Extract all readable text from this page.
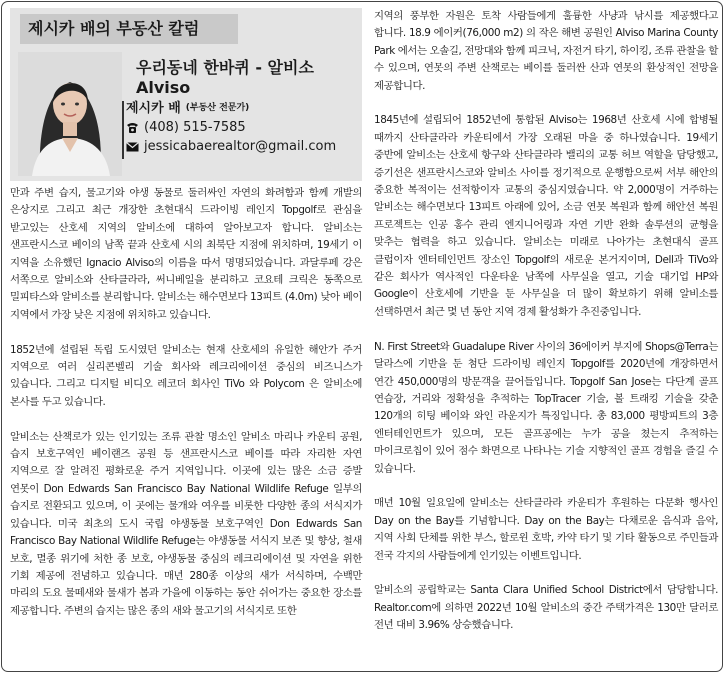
제시카 배의 부동산 칼럼
우리동네 한바퀴 - 알비소 Alviso
제시카 배 (부동산 전문가)
(408) 515-7585
jessicabaerealtor@gmail.com

만과 주변 습지, 물고기와 야생 동물로 둘러싸인 자연의 화려함과 함께 개발의 은상지로 그리고 최근 개장한 초현대식 드라이빙 레인지 Topgolf로 관심을 받고있는 산호세 지역의 알비소에 대하여 알아보고자 합니다. 알비소는 샌프란시스코 베이의 남쪽 끝과 산호세 시의 최북단 지점에 위치하며, 19세기 이 지역을 소유했던 Ignacio Alviso의 이름을 따서 명명되었습니다. 과달루페 강은 서쪽으로 알비소와 산타클라라, 써니베일을 분리하고 코요테 크릭은 동쪽으로 밀피타스와 알비소를 분리합니다. 알비소는 해수면보다 13피트 (4.0m) 낮아 베이 지역에서 가장 낮은 지점에 위치하고 있습니다.

1852년에 설립된 독립 도시였던 알비소는 현재 산호세의 유일한 해안가 주거 지역으로 여러 실리콘벨리 기술 회사와 레크리에이션 중심의 비즈니스가 있습니다. 그리고 디지털 비디오 레코더 회사인 TiVo 와 Polycom 은 알비소에 본사를 두고 있습니다.

알비소는 산책로가 있는 인기있는 조류 관찰 명소인 알비소 마리나 카운티 공원, 습지 보호구역인 베이랜즈 공원 등 샌프란시스코 베이를 따라 자리한 자연 지역으로 잘 알려진 평화로운 주거 지역입니다. 이곳에 있는 많은 소금 증발 연못이 Don Edwards San Francisco Bay National Wildlife Refuge 일부의 습지로 전환되고 있으며, 이 곳에는 물개와 여우를 비롯한 다양한 종의 서식지가 있습니다. 미국 최초의 도시 국립 야생동물 보호구역인 Don Edwards San Francisco Bay National Wildlife Refuge는 야생동물 서식지 보존 및 향상, 철새 보호, 멸종 위기에 처한 종 보호, 야생동물 중심의 레크리에이션 및 자연을 위한 기회 제공에 전념하고 있습니다. 매년 280종 이상의 새가 서식하며, 수백만 마리의 도요 물떼새와 물새가 봄과 가을에 이동하는 동안 쉬어가는 중요한 장소를 제공합니다. 주변의 습지는 많은 종의 새와 물고기의 서식지로 또한

지역의 풍부한 자원은 토착 사람들에게 훌륭한 사냥과 낚시를 제공했다고 합니다. 18.9 에이커(76,000 m2) 의 작은 해변 공원인 Alviso Marina County Park 에서는 오솔길, 전망대와 함께 피크닉, 자전거 타기, 하이킹, 조류 관찰을 할 수 있으며, 연못의 주변 산책로는 베이를 둘러싼 산과 연못의 환상적인 전망을 제공합니다.

1845년에 설립되어 1852년에 통합된 Alviso는 1968년 산호세 시에 합병될 때까지 산타클라라 카운티에서 가장 오래된 마을 중 하나였습니다. 19세기 중반에 알비소는 산호세 항구와 산타클라라 밸리의 교통 허브 역할을 담당했고, 증기선은 샌프란시스코와 알비소 사이를 정기적으로 운행함으로써 서부 해안의 중요한 복적이는 선적항이자 교통의 중심지였습니다. 약 2,000명이 거주하는 알비소는 해수면보다 13피트 아래에 있어, 소금 연못 복원과 함께 해안선 복원 프로젝트는 인공 홍수 관리 엔지니어링과 자연 기반 완화 솔루션의 균형을 맞추는 협력을 하고 있습니다. 알비소는 미래로 나아가는 초현대식 골프 클럽이자 엔터테인먼트 장소인 Topgolf의 새로운 본거지이며, Dell과 TiVo와 같은 회사가 역사적인 다운타운 남쪽에 사무실을 열고, 기술 대기업 HP와 Google이 산호세에 기반을 둔 사무실을 더 많이 확보하기 위해 알비소를 선택하면서 최근 몇 년 동안 지역 경제 활성화가 추진중입니다.

N. First Street와 Guadalupe River 사이의 36에이커 부지에 Shops@Terra는 달라스에 기반을 둔 첨단 드라이빙 레인지 Topgolf를 2020년에 개장하면서 연간 450,000명의 방문객을 끌어들입니다. Topgolf San Jose는 다단계 골프 연습장, 거리와 정확성을 추적하는 TopTracer 기술, 볼 트래킹 기술을 갖춘 120개의 히팅 베이와 와인 라운지가 특징입니다. 총 83,000 평방피트의 3층 엔터테인먼트가 있으며, 모든 골프공에는 누가 공을 쳤는지 추적하는 마이크로칩이 있어 점수 화면으로 나타나는 기술 지향적인 골프 경험을 즐길 수 있습니다.

매년 10월 일요일에 알비소는 산타클라라 카운티가 후원하는 다문화 행사인 Day on the Bay를 기념합니다. Day on the Bay는 다채로운 음식과 음악, 지역 사회 단체를 위한 부스, 할로윈 호박, 카약 타기 및 기타 활동으로 주민들과 전국 각지의 사람들에게 인기있는 이벤트입니다.

알비소의 공립학교는 Santa Clara Unified School District에서 담당합니다. Realtor.com에 의하면 2022년 10월 알비소의 중간 주택가격은 130만 달러로 전년 대비 3.96% 상승했습니다.
